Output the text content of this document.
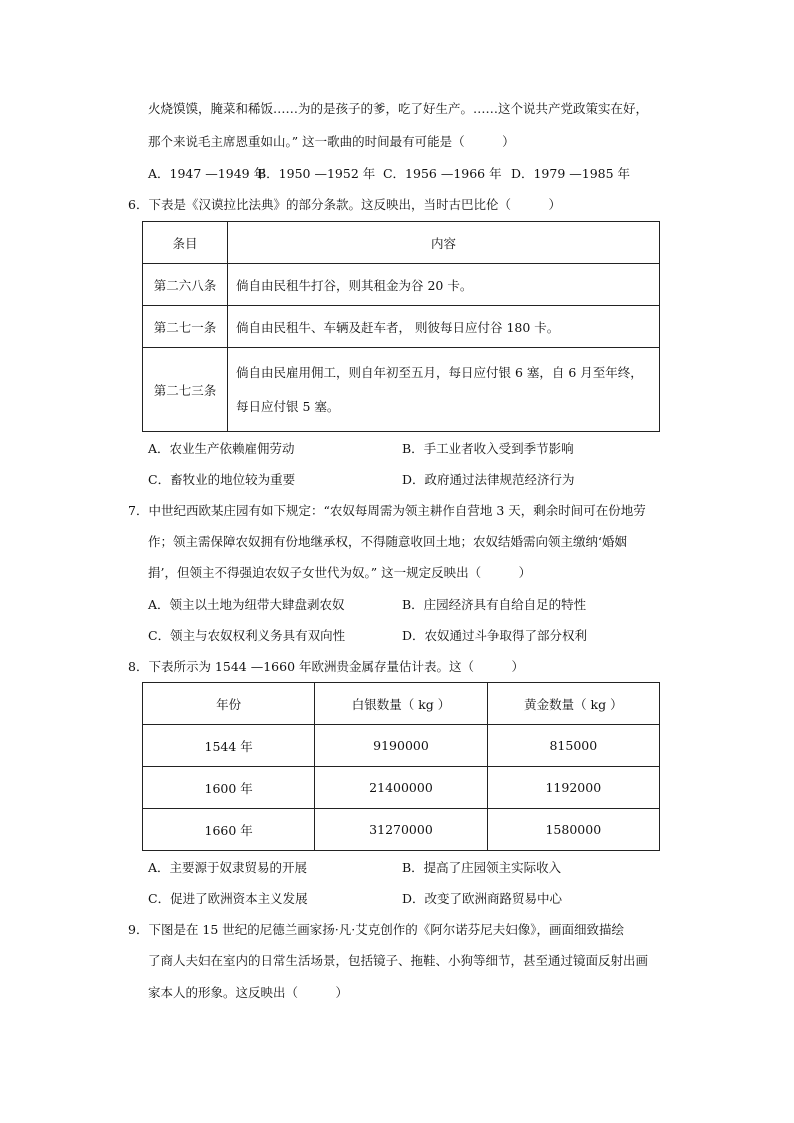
火烧馍馍，腌菜和稀饭……为的是孩子的爹，吃了好生产。……这个说共产党政策实在好，
那个来说毛主席恩重如山。” 这一歌曲的时间最有可能是（　　　）
A．1947 —1949 年 B．1950 —1952 年 C．1956 —1966 年 D．1979 —1985 年
6．下表是《汉谟拉比法典》的部分条款。这反映出，当时古巴比伦（　　　）
条目	内容
第二六八条	倘自由民租牛打谷，则其租金为谷 20 卡。
第二七一条	倘自由民租牛、车辆及赶车者， 则彼每日应付谷 180 卡。
第二七三条	倘自由民雇用佣工，则自年初至五月，每日应付银 6 塞，自 6 月至年终，
每日应付银 5 塞。
A．农业生产依赖雇佣劳动	B．手工业者收入受到季节影响
C．畜牧业的地位较为重要	D．政府通过法律规范经济行为
7．中世纪西欧某庄园有如下规定：“农奴每周需为领主耕作自营地 3 天，剩余时间可在份地劳
作；领主需保障农奴拥有份地继承权，不得随意收回土地；农奴结婚需向领主缴纳‘婚姻
捐’，但领主不得强迫农奴子女世代为奴。” 这一规定反映出（　　　）
A．领主以土地为纽带大肆盘剥农奴	B．庄园经济具有自给自足的特性
C．领主与农奴权利义务具有双向性	D．农奴通过斗争取得了部分权利
8．下表所示为 1544 —1660 年欧洲贵金属存量估计表。这（　　　）
年份	白银数量（ kg ）	黄金数量（ kg ）
1544 年	9190000	815000
1600 年	21400000	1192000
1660 年	31270000	1580000
A．主要源于奴隶贸易的开展	B．提高了庄园领主实际收入
C．促进了欧洲资本主义发展	D．改变了欧洲商路贸易中心
9．下图是在 15 世纪的尼德兰画家扬·凡·艾克创作的《阿尔诺芬尼夫妇像》，画面细致描绘
了商人夫妇在室内的日常生活场景，包括镜子、拖鞋、小狗等细节，甚至通过镜面反射出画
家本人的形象。这反映出（　　　）
